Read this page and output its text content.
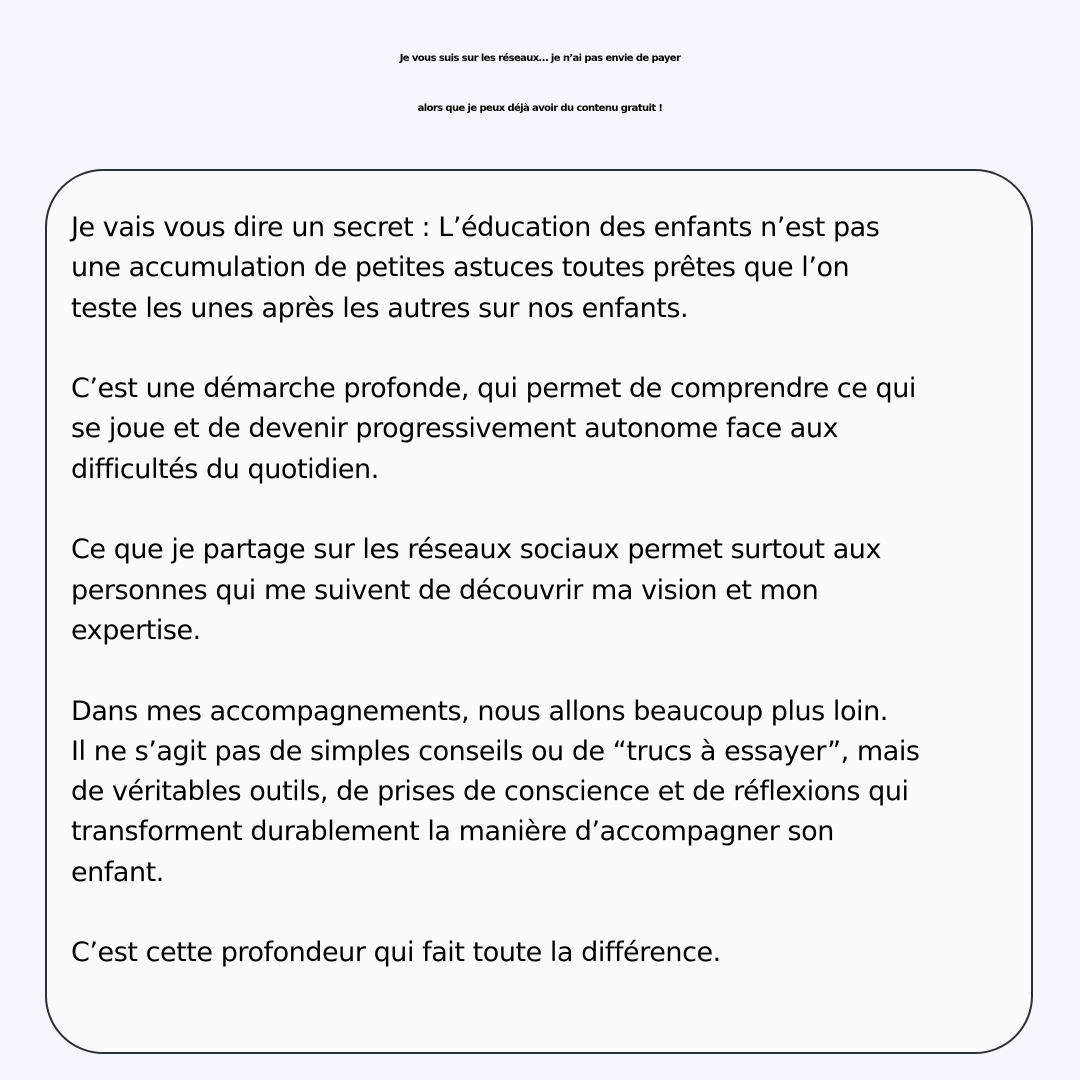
Je vous suis sur les réseaux… je n’ai pas envie de payer
alors que je peux déjà avoir du contenu gratuit !

Je vais vous dire un secret : L’éducation des enfants n’est pas
une accumulation de petites astuces toutes prêtes que l’on
teste les unes après les autres sur nos enfants.

C’est une démarche profonde, qui permet de comprendre ce qui
se joue et de devenir progressivement autonome face aux
difficultés du quotidien.

Ce que je partage sur les réseaux sociaux permet surtout aux
personnes qui me suivent de découvrir ma vision et mon
expertise.

Dans mes accompagnements, nous allons beaucoup plus loin.
Il ne s’agit pas de simples conseils ou de “trucs à essayer”, mais
de véritables outils, de prises de conscience et de réflexions qui
transforment durablement la manière d’accompagner son
enfant.

C’est cette profondeur qui fait toute la différence.
